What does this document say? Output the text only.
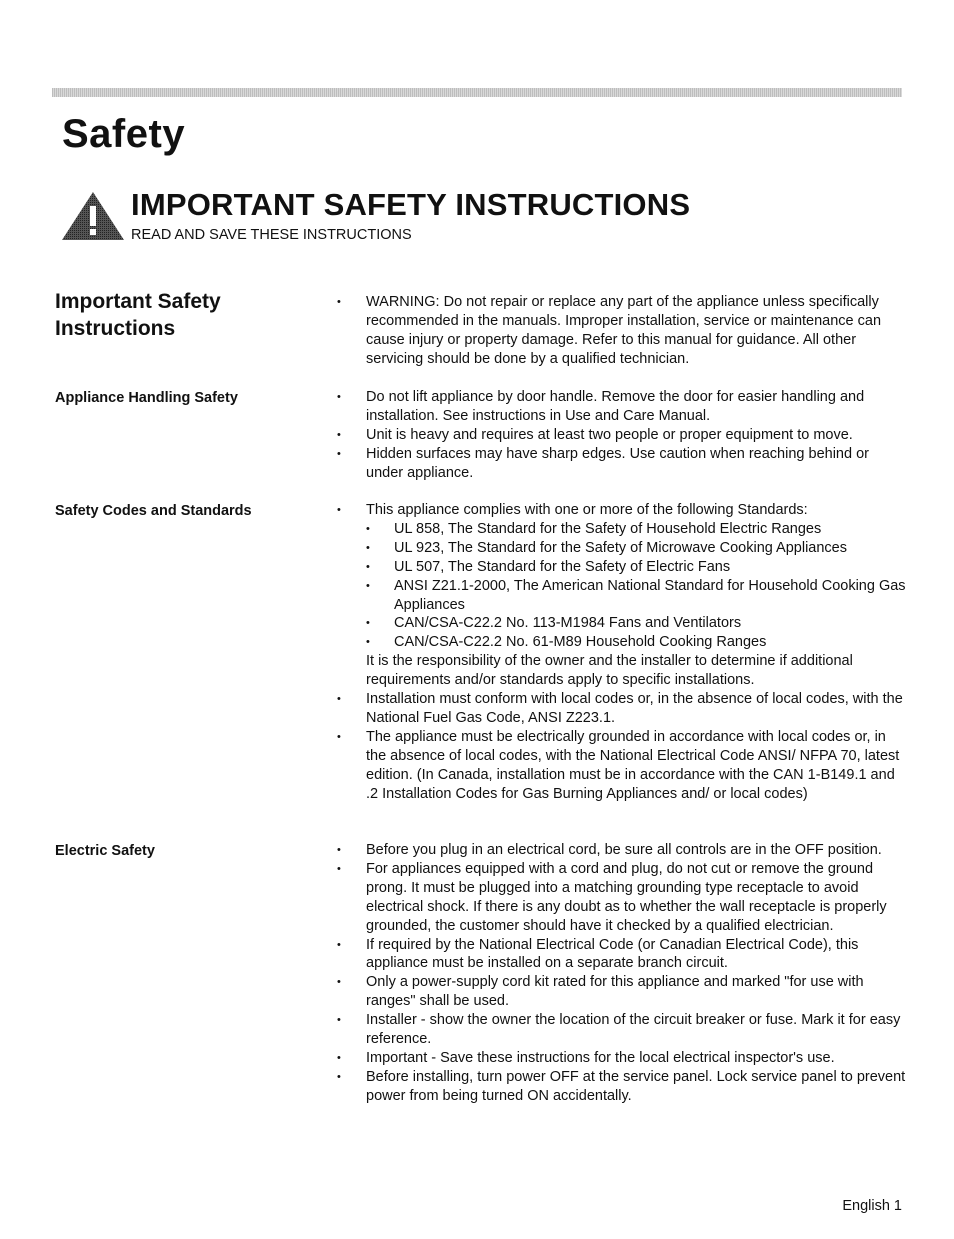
Safety
IMPORTANT SAFETY INSTRUCTIONS
READ AND SAVE THESE INSTRUCTIONS
Important Safety Instructions
• WARNING: Do not repair or replace any part of the appliance unless specifically recommended in the manuals. Improper installation, service or maintenance can cause injury or property damage. Refer to this manual for guidance. All other servicing should be done by a qualified technician.
Appliance Handling Safety	• Do not lift appliance by door handle. Remove the door for easier handling and installation. See instructions in Use and Care Manual.
• Unit is heavy and requires at least two people or proper equipment to move.
• Hidden surfaces may have sharp edges. Use caution when reaching behind or under appliance.
Safety Codes and Standards	• This appliance complies with one or more of the following Standards:
• UL 858, The Standard for the Safety of Household Electric Ranges
• UL 923, The Standard for the Safety of Microwave Cooking Appliances
• UL 507, The Standard for the Safety of Electric Fans
• ANSI Z21.1-2000, The American National Standard for Household Cooking Gas Appliances
• CAN/CSA-C22.2 No. 113-M1984 Fans and Ventilators
• CAN/CSA-C22.2 No. 61-M89 Household Cooking Ranges
It is the responsibility of the owner and the installer to determine if additional requirements and/or standards apply to specific installations.
• Installation must conform with local codes or, in the absence of local codes, with the National Fuel Gas Code, ANSI Z223.1.
• The appliance must be electrically grounded in accordance with local codes or, in the absence of local codes, with the National Electrical Code ANSI/ NFPA 70, latest edition. (In Canada, installation must be in accordance with the CAN 1-B149.1 and .2 Installation Codes for Gas Burning Appliances and/ or local codes)
Electric Safety	• Before you plug in an electrical cord, be sure all controls are in the OFF position.
• For appliances equipped with a cord and plug, do not cut or remove the ground prong. It must be plugged into a matching grounding type receptacle to avoid electrical shock. If there is any doubt as to whether the wall receptacle is properly grounded, the customer should have it checked by a qualified electrician.
• If required by the National Electrical Code (or Canadian Electrical Code), this appliance must be installed on a separate branch circuit.
• Only a power-supply cord kit rated for this appliance and marked "for use with ranges" shall be used.
• Installer - show the owner the location of the circuit breaker or fuse. Mark it for easy reference.
• Important - Save these instructions for the local electrical inspector's use.
• Before installing, turn power OFF at the service panel. Lock service panel to prevent power from being turned ON accidentally.
English 1
